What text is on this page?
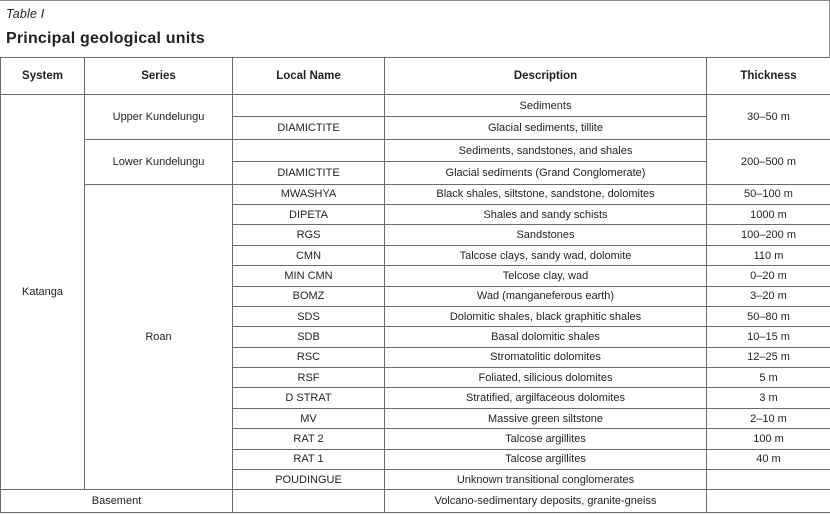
Table I
Principal geological units
System	Series	Local Name	Description	Thickness
Katanga	Upper Kundelungu		Sediments	30–50 m
		DIAMICTITE	Glacial sediments, tillite	
	Lower Kundelungu		Sediments, sandstones, and shales	200–500 m
		DIAMICTITE	Glacial sediments (Grand Conglomerate)	
	Roan	MWASHYA	Black shales, siltstone, sandstone, dolomites	50–100 m
		DIPETA	Shales and sandy schists	1000 m
		RGS	Sandstones	100–200 m
		CMN	Talcose clays, sandy wad, dolomite	110 m
		MIN CMN	Telcose clay, wad	0–20 m
		BOMZ	Wad (manganeferous earth)	3–20 m
		SDS	Dolomitic shales, black graphitic shales	50–80 m
		SDB	Basal dolomitic shales	10–15 m
		RSC	Stromatolitic dolomites	12–25 m
		RSF	Foliated, silicious dolomites	5 m
		D STRAT	Stratified, argilfaceous dolomites	3 m
		MV	Massive green siltstone	2–10 m
		RAT 2	Talcose argillites	100 m
		RAT 1	Talcose argillites	40 m
		POUDINGUE	Unknown transitional conglomerates	
Basement			Volcano-sedimentary deposits, granite-gneiss	
